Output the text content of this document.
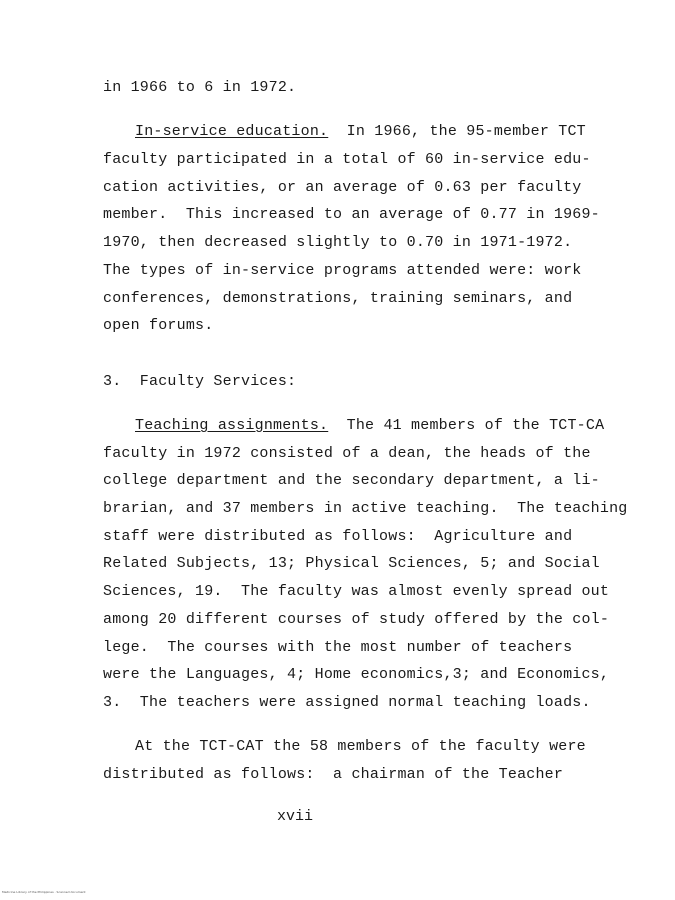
in 1966 to 6 in 1972.
In-service education.  In 1966, the 95-member TCT
faculty participated in a total of 60 in-service edu-
cation activities, or an average of 0.63 per faculty
member.  This increased to an average of 0.77 in 1969-
1970, then decreased slightly to 0.70 in 1971-1972.
The types of in-service programs attended were: work
conferences, demonstrations, training seminars, and
open forums.
3.  Faculty Services:
Teaching assignments.  The 41 members of the TCT-CA
faculty in 1972 consisted of a dean, the heads of the
college department and the secondary department, a li-
brarian, and 37 members in active teaching.  The teaching
staff were distributed as follows:  Agriculture and
Related Subjects, 13; Physical Sciences, 5; and Social
Sciences, 19.  The faculty was almost evenly spread out
among 20 different courses of study offered by the col-
lege.  The courses with the most number of teachers
were the Languages, 4; Home economics,3; and Economics,
3.  The teachers were assigned normal teaching loads.
At the TCT-CAT the 58 members of the faculty were
distributed as follows:  a chairman of the Teacher
xvii
Medicine Library of the Philippines · Scanned document
